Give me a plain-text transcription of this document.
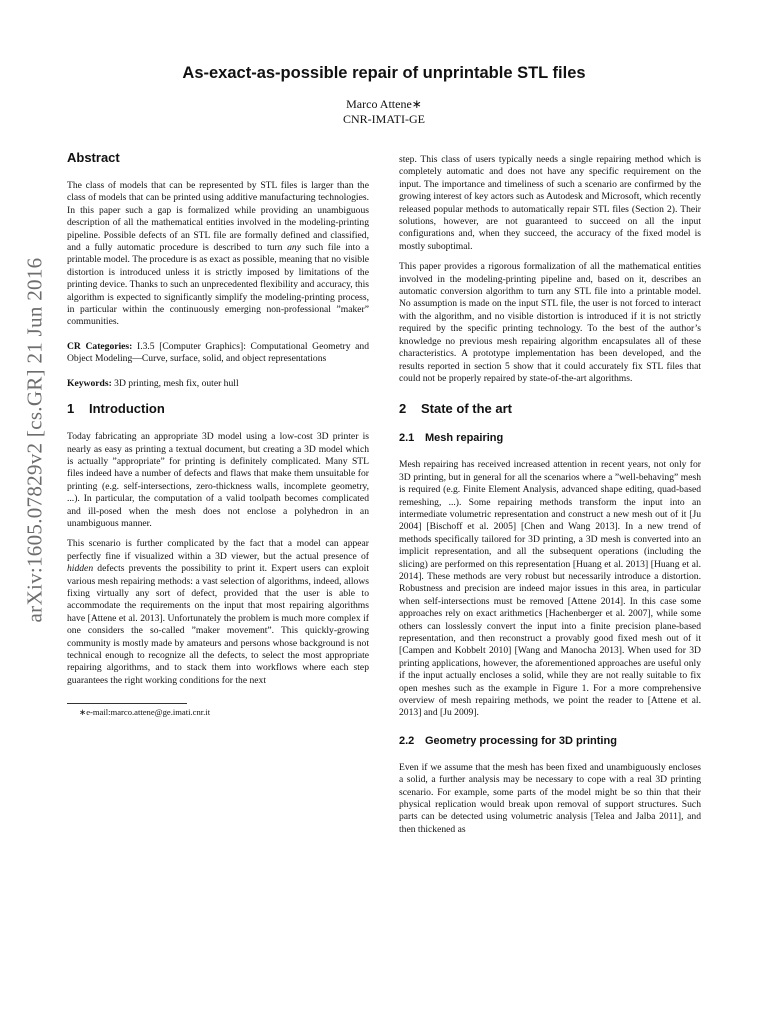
arXiv:1605.07829v2 [cs.GR] 21 Jun 2016
As-exact-as-possible repair of unprintable STL files
Marco Attene∗
CNR-IMATI-GE
Abstract

The class of models that can be represented by STL files is larger than the class of models that can be printed using additive manufacturing technologies. In this paper such a gap is formalized while providing an unambiguous description of all the mathematical entities involved in the modeling-printing pipeline. Possible defects of an STL file are formally defined and classified, and a fully automatic procedure is described to turn any such file into a printable model. The procedure is as exact as possible, meaning that no visible distortion is introduced unless it is strictly imposed by limitations of the printing device. Thanks to such an unprecedented flexibility and accuracy, this algorithm is expected to significantly simplify the modeling-printing process, in particular within the continuously emerging non-professional ”maker” communities.

CR Categories: I.3.5 [Computer Graphics]: Computational Geometry and Object Modeling—Curve, surface, solid, and object representations

Keywords: 3D printing, mesh fix, outer hull

1 Introduction

Today fabricating an appropriate 3D model using a low-cost 3D printer is nearly as easy as printing a textual document, but creating a 3D model which is actually ”appropriate” for printing is definitely complicated. Many STL files indeed have a number of defects and flaws that make them unsuitable for printing (e.g. self-intersections, zero-thickness walls, incomplete geometry, ...). In particular, the computation of a valid toolpath becomes complicated and ill-posed when the mesh does not enclose a polyhedron in an unambiguous manner.

This scenario is further complicated by the fact that a model can appear perfectly fine if visualized within a 3D viewer, but the actual presence of hidden defects prevents the possibility to print it. Expert users can exploit various mesh repairing methods: a vast selection of algorithms, indeed, allows fixing virtually any sort of defect, provided that the user is able to accommodate the requirements on the input that most repairing algorithms have [Attene et al. 2013]. Unfortunately the problem is much more complex if one considers the so-called ”maker movement”. This quickly-growing community is mostly made by amateurs and persons whose background is not technical enough to recognize all the defects, to select the most appropriate repairing algorithms, and to stack them into workflows where each step guarantees the right working conditions for the next

∗e-mail:marco.attene@ge.imati.cnr.it

step. This class of users typically needs a single repairing method which is completely automatic and does not have any specific requirement on the input. The importance and timeliness of such a scenario are confirmed by the growing interest of key actors such as Autodesk and Microsoft, which recently released popular methods to automatically repair STL files (Section 2). Their solutions, however, are not guaranteed to succeed on all the input configurations and, when they succeed, the accuracy of the fixed model is mostly suboptimal.

This paper provides a rigorous formalization of all the mathematical entities involved in the modeling-printing pipeline and, based on it, describes an automatic conversion algorithm to turn any STL file into a printable model. No assumption is made on the input STL file, the user is not forced to interact with the algorithm, and no visible distortion is introduced if it is not strictly required by the specific printing technology. To the best of the author’s knowledge no previous mesh repairing algorithm encapsulates all of these characteristics. A prototype implementation has been developed, and the results reported in section 5 show that it could accurately fix STL files that could not be properly repaired by state-of-the-art algorithms.

2 State of the art
2.1 Mesh repairing

Mesh repairing has received increased attention in recent years, not only for 3D printing, but in general for all the scenarios where a ”well-behaving” mesh is required (e.g. Finite Element Analysis, advanced shape editing, quad-based remeshing, ...). Some repairing methods transform the input into an intermediate volumetric representation and construct a new mesh out of it [Ju 2004] [Bischoff et al. 2005] [Chen and Wang 2013]. In a new trend of methods specifically tailored for 3D printing, a 3D mesh is converted into an implicit representation, and all the subsequent operations (including the slicing) are performed on this representation [Huang et al. 2013] [Huang et al. 2014]. These methods are very robust but necessarily introduce a distortion. Robustness and precision are indeed major issues in this area, in particular when self-intersections must be removed [Attene 2014]. In this case some approaches rely on exact arithmetics [Hachenberger et al. 2007], while some others can losslessly convert the input into a finite precision plane-based representation, and then reconstruct a provably good fixed mesh out of it [Campen and Kobbelt 2010] [Wang and Manocha 2013]. When used for 3D printing applications, however, the aforementioned approaches are useful only if the input actually encloses a solid, while they are not really suitable to fix open meshes such as the example in Figure 1. For a more comprehensive overview of mesh repairing methods, we point the reader to [Attene et al. 2013] and [Ju 2009].

2.2 Geometry processing for 3D printing

Even if we assume that the mesh has been fixed and unambiguously encloses a solid, a further analysis may be necessary to cope with a real 3D printing scenario. For example, some parts of the model might be so thin that their physical replication would break upon removal of support structures. Such parts can be detected using volumetric analysis [Telea and Jalba 2011], and then thickened as
